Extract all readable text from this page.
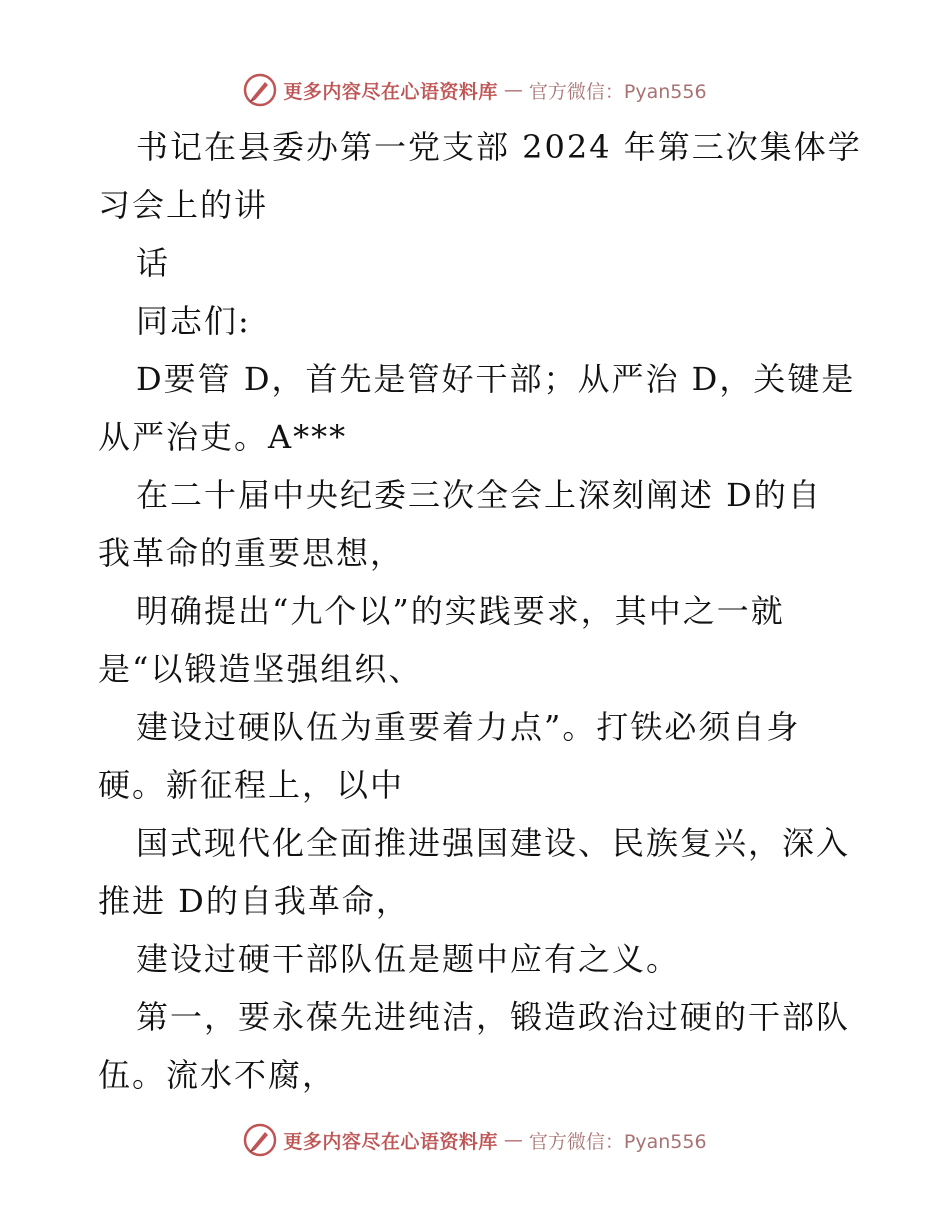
更多内容尽在心语资料库 — 官方微信：Pyan556
书记在县委办第一党支部 2024 年第三次集体学
习会上的讲
话
同志们:
D要管 D，首先是管好干部；从严治 D，关键是
从严治吏。A***
在二十届中央纪委三次全会上深刻阐述 D的自
我革命的重要思想，
明确提出“九个以”的实践要求，其中之一就
是“以锻造坚强组织、
建设过硬队伍为重要着力点”。打铁必须自身
硬。新征程上，以中
国式现代化全面推进强国建设、民族复兴，深入
推进 D的自我革命，
建设过硬干部队伍是题中应有之义。
第一，要永葆先进纯洁，锻造政治过硬的干部队
伍。流水不腐，
更多内容尽在心语资料库 — 官方微信：Pyan556
